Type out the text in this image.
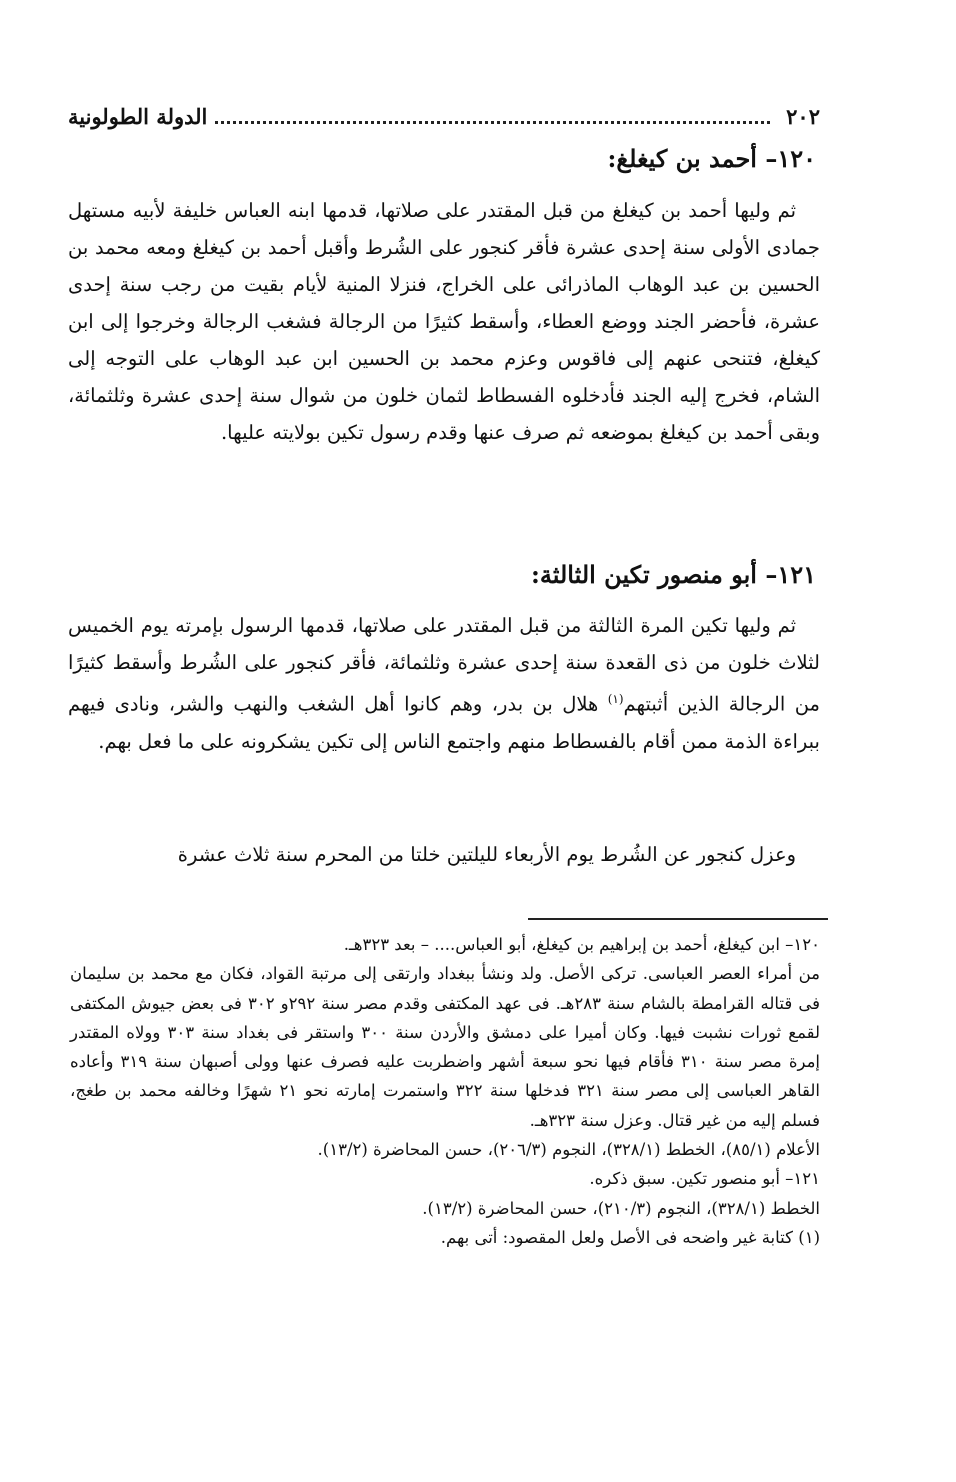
٢٠٢
الدولة الطولونية
١٢٠– أحمد بن كيغلغ:

ثم وليها أحمد بن كيغلغ من قبل المقتدر على صلاتها، قدمها ابنه العباس خليفة لأبيه مستهل جمادى الأولى سنة إحدى عشرة فأقر كنجور على الشُرط وأقبل أحمد بن كيغلغ ومعه محمد بن الحسين بن عبد الوهاب الماذرائى على الخراج، فنزلا المنية لأيام بقيت من رجب سنة إحدى عشرة، فأحضر الجند ووضع العطاء، وأسقط كثيرًا من الرجالة فشغب الرجالة وخرجوا إلى ابن كيغلغ، فتنحى عنهم إلى فاقوس وعزم محمد بن الحسين ابن عبد الوهاب على التوجه إلى الشام، فخرج إليه الجند فأدخلوه الفسطاط لثمان خلون من شوال سنة إحدى عشرة وثلثمائة، وبقى أحمد بن كيغلغ بموضعه ثم صرف عنها وقدم رسول تكين بولايته عليها.

١٢١– أبو منصور تكين الثالثة:

ثم وليها تكين المرة الثالثة من قبل المقتدر على صلاتها، قدمها الرسول بإمرته يوم الخميس لثلاث خلون من ذى القعدة سنة إحدى عشرة وثلثمائة، فأقر كنجور على الشُرط وأسقط كثيرًا من الرجالة الذين أثبتهم$^{(١)}$ هلال بن بدر، وهم كانوا أهل الشغب والنهب والشر، ونادى فيهم ببراءة الذمة ممن أقام بالفسطاط منهم واجتمع الناس إلى تكين يشكرونه على ما فعل بهم.

وعزل كنجور عن الشُرط يوم الأربعاء لليلتين خلتا من المحرم سنة ثلاث عشرة

١٢٠– ابن كيغلغ، أحمد بن إبراهيم بن كيغلغ، أبو العباس.... – بعد ٣٢٣هـ.
من أمراء العصر العباسى. تركى الأصل. ولد ونشأ ببغداد وارتقى إلى مرتبة القواد، فكان مع محمد بن سليمان فى قتاله القرامطة بالشام سنة ٢٨٣هـ. فى عهد المكتفى وقدم مصر سنة ٢٩٢و ٣٠٢ فى بعض جيوش المكتفى لقمع ثورات نشبت فيها. وكان أميرا على دمشق والأردن سنة ٣٠٠ واستقر فى بغداد سنة ٣٠٣ وولاه المقتدر إمرة مصر سنة ٣١٠ فأقام فيها نحو سبعة أشهر واضطربت عليه فصرف عنها وولى أصبهان سنة ٣١٩ وأعاده القاهر العباسى إلى مصر سنة ٣٢١ فدخلها سنة ٣٢٢ واستمرت إمارته نحو ٢١ شهرًا وخالفه محمد بن طغج، فسلم إليه من غير قتال. وعزل سنة ٣٢٣هـ.
الأعلام (٨٥/١)، الخطط (٣٢٨/١)، النجوم (٢٠٦/٣)، حسن المحاضرة (١٣/٢).
١٢١– أبو منصور تكين. سبق ذكره.
الخطط (٣٢٨/١)، النجوم (٢١٠/٣)، حسن المحاضرة (١٣/٢).
(١) كتابة غير واضحه فى الأصل ولعل المقصود: أتى بهم.
